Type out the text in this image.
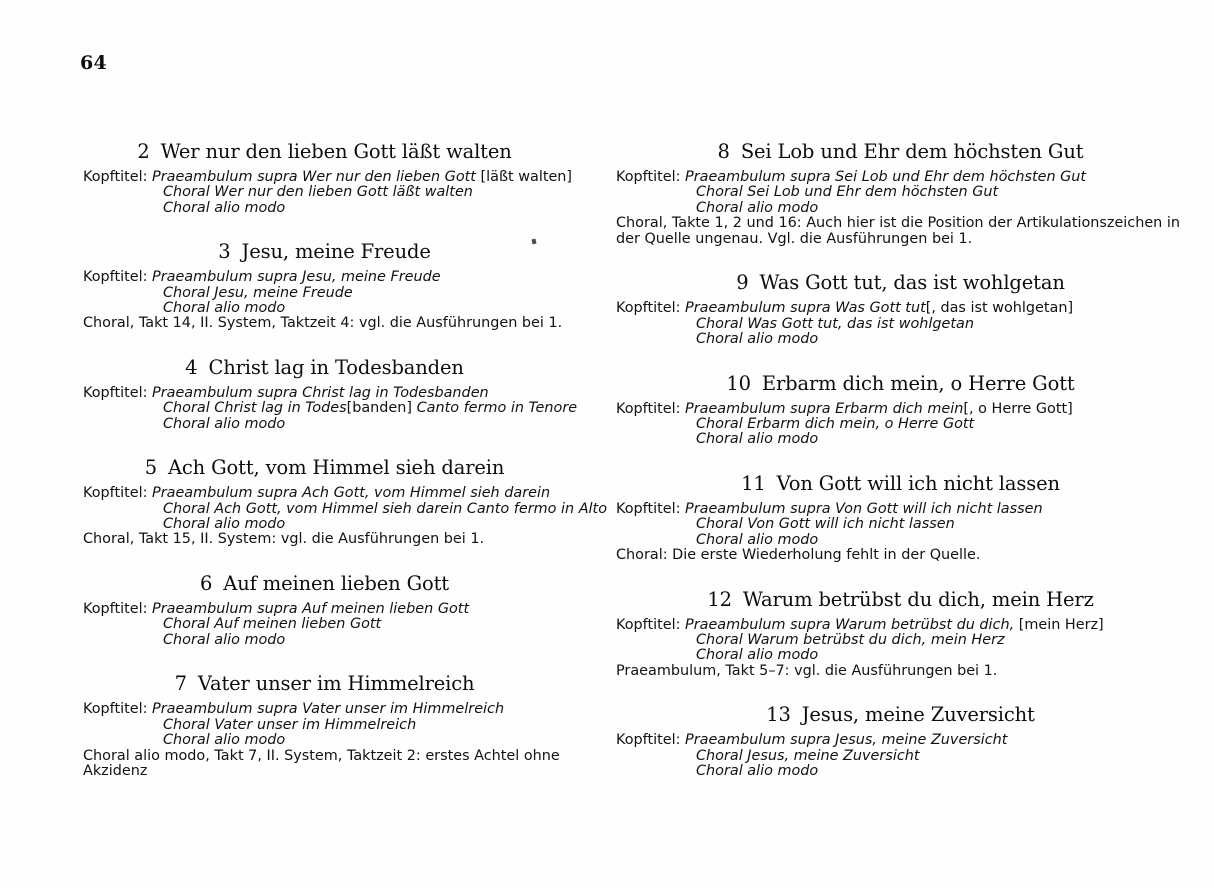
64
2 Wer nur den lieben Gott läßt walten
Kopftitel: Praeambulum supra Wer nur den lieben Gott [läßt walten]
Choral Wer nur den lieben Gott läßt walten
Choral alio modo
3 Jesu, meine Freude
Kopftitel: Praeambulum supra Jesu, meine Freude
Choral Jesu, meine Freude
Choral alio modo
Choral, Takt 14, II. System, Taktzeit 4: vgl. die Ausführungen bei 1.
4 Christ lag in Todesbanden
Kopftitel: Praeambulum supra Christ lag in Todesbanden
Choral Christ lag in Todes[banden] Canto fermo in Tenore
Choral alio modo
5 Ach Gott, vom Himmel sieh darein
Kopftitel: Praeambulum supra Ach Gott, vom Himmel sieh darein
Choral Ach Gott, vom Himmel sieh darein Canto fermo in Alto
Choral alio modo
Choral, Takt 15, II. System: vgl. die Ausführungen bei 1.
6 Auf meinen lieben Gott
Kopftitel: Praeambulum supra Auf meinen lieben Gott
Choral Auf meinen lieben Gott
Choral alio modo
7 Vater unser im Himmelreich
Kopftitel: Praeambulum supra Vater unser im Himmelreich
Choral Vater unser im Himmelreich
Choral alio modo
Choral alio modo, Takt 7, II. System, Taktzeit 2: erstes Achtel ohne Akzidenz
8 Sei Lob und Ehr dem höchsten Gut
Kopftitel: Praeambulum supra Sei Lob und Ehr dem höchsten Gut
Choral Sei Lob und Ehr dem höchsten Gut
Choral alio modo
Choral, Takte 1, 2 und 16: Auch hier ist die Position der Artikulationszeichen in der Quelle ungenau. Vgl. die Ausführungen bei 1.
9 Was Gott tut, das ist wohlgetan
Kopftitel: Praeambulum supra Was Gott tut[, das ist wohlgetan]
Choral Was Gott tut, das ist wohlgetan
Choral alio modo
10 Erbarm dich mein, o Herre Gott
Kopftitel: Praeambulum supra Erbarm dich mein[, o Herre Gott]
Choral Erbarm dich mein, o Herre Gott
Choral alio modo
11 Von Gott will ich nicht lassen
Kopftitel: Praeambulum supra Von Gott will ich nicht lassen
Choral Von Gott will ich nicht lassen
Choral alio modo
Choral: Die erste Wiederholung fehlt in der Quelle.
12 Warum betrübst du dich, mein Herz
Kopftitel: Praeambulum supra Warum betrübst du dich, [mein Herz]
Choral Warum betrübst du dich, mein Herz
Choral alio modo
Praeambulum, Takt 5–7: vgl. die Ausführungen bei 1.
13 Jesus, meine Zuversicht
Kopftitel: Praeambulum supra Jesus, meine Zuversicht
Choral Jesus, meine Zuversicht
Choral alio modo
